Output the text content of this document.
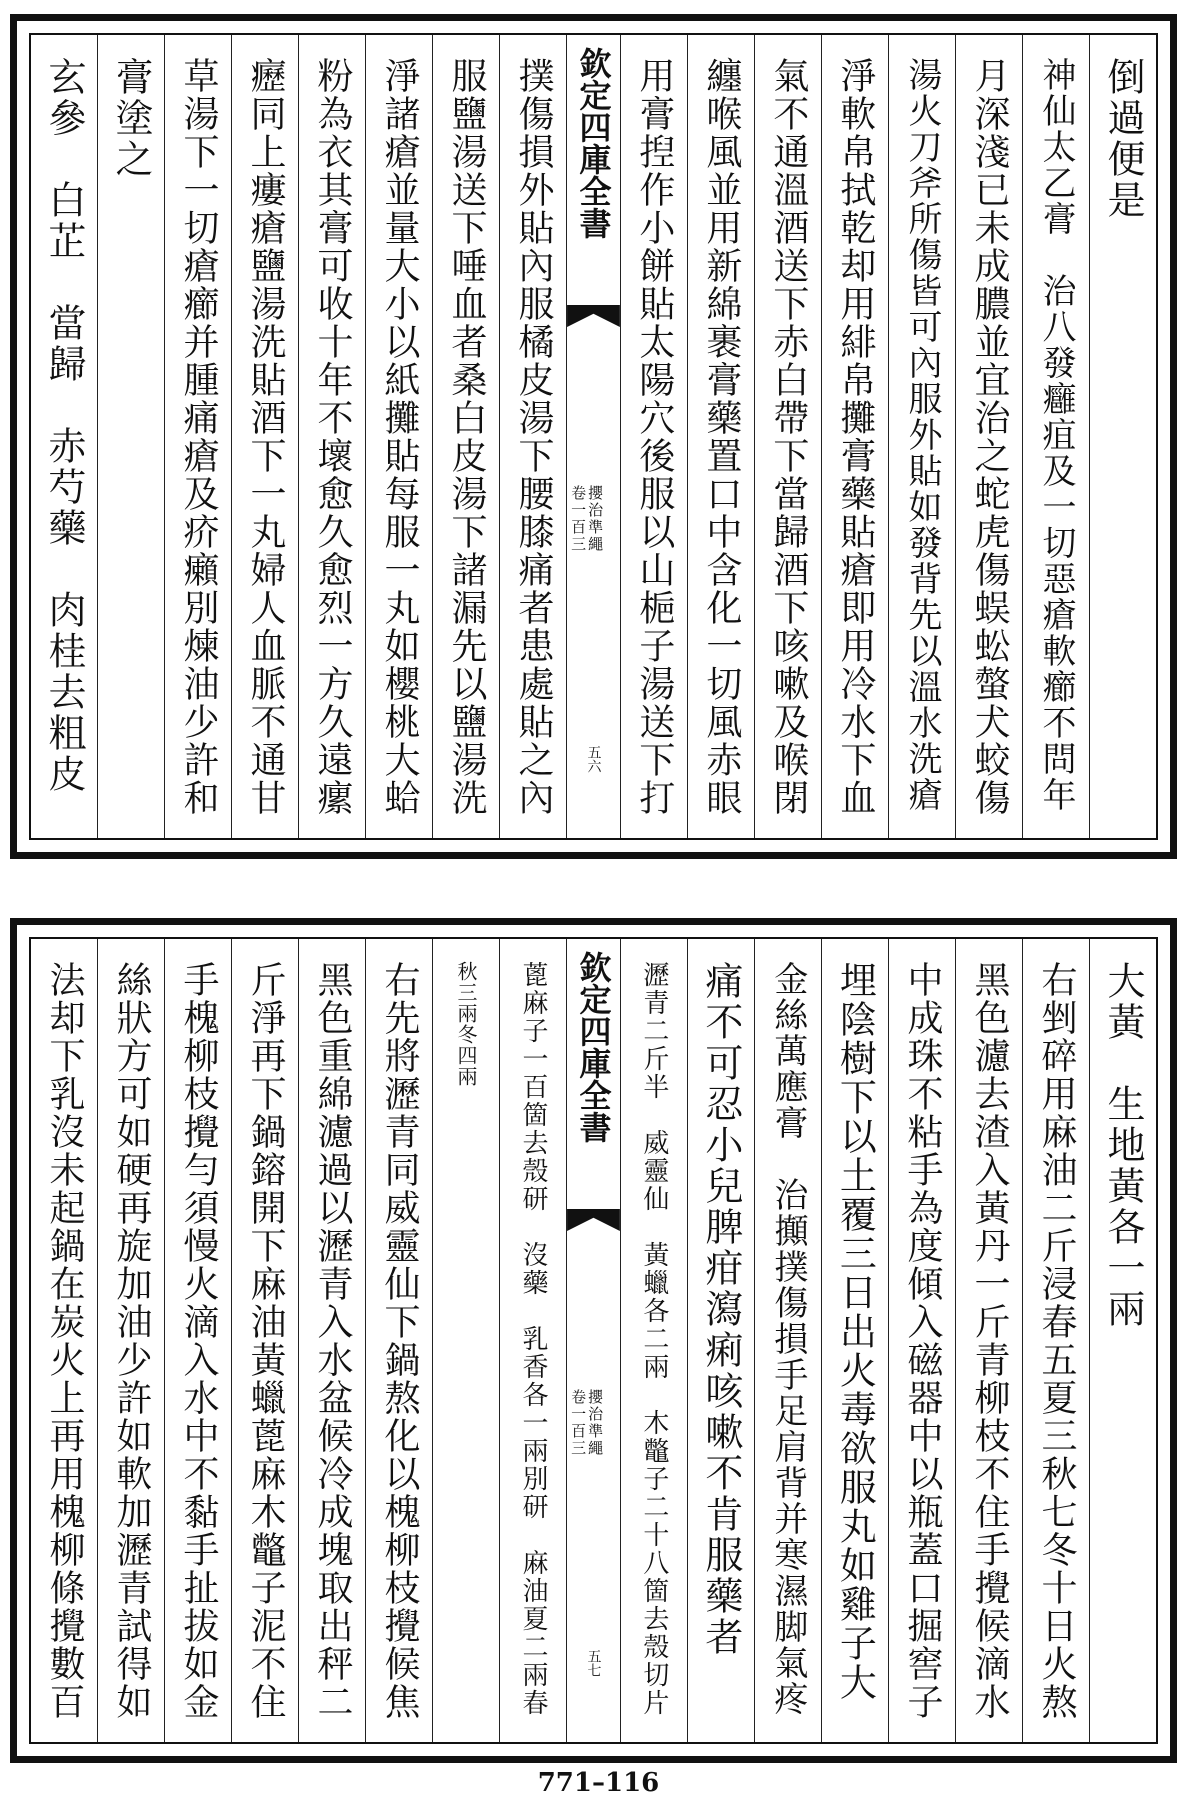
倒過便是
神仙太乙膏　治八發癰疽及一切惡瘡軟癤不問年
月深淺已未成膿並宜治之蛇虎傷蜈蚣螫犬蛟傷
湯火刀斧所傷皆可內服外貼如發背先以溫水洗瘡
淨軟帛拭乾却用緋帛攤膏藥貼瘡即用冷水下血
氣不通溫酒送下赤白帶下當歸酒下咳嗽及喉閉
纏喉風並用新綿裹膏藥置口中含化一切風赤眼
用膏揑作小餅貼太陽穴後服以山梔子湯送下打
欽定四庫全書
攖治準繩
卷一百三
五六
撲傷損外貼內服橘皮湯下腰膝痛者患處貼之內
服鹽湯送下唾血者桑白皮湯下諸漏先以鹽湯洗
淨諸瘡並量大小以紙攤貼每服一丸如櫻桃大蛤
粉為衣其膏可收十年不壞愈久愈烈一方久遠瘰
癧同上瘻瘡鹽湯洗貼酒下一丸婦人血脈不通甘
草湯下一切瘡癤并腫痛瘡及疥癩別煉油少許和
膏塗之
玄參　白芷　當歸　赤芍藥　肉桂去粗皮
大黃　生地黃各一兩
右剉碎用麻油二斤浸春五夏三秋七冬十日火熬
黑色濾去渣入黃丹一斤青柳枝不住手攪候滴水
中成珠不粘手為度傾入磁器中以瓶蓋口掘窖子
埋陰樹下以土覆三日出火毒欲服丸如雞子大
金絲萬應膏　治攧撲傷損手足肩背并寒濕脚氣疼
痛不可忍小兒脾疳瀉痢咳嗽不肯服藥者
瀝青二斤半　威靈仙　黃蠟各二兩　木鼈子二十八箇去殼切片
欽定四庫全書
攖治準繩
卷一百三
五七
蓖麻子一百箇去殼研　沒藥　乳香各一兩別研　麻油夏二兩春
秋三兩冬四兩
右先將瀝青同威靈仙下鍋熬化以槐柳枝攪候焦
黑色重綿濾過以瀝青入水盆候冷成塊取出秤二
斤淨再下鍋鎔開下麻油黃蠟蓖麻木鼈子泥不住
手槐柳枝攪勻須慢火滴入水中不黏手扯拔如金
絲狀方可如硬再旋加油少許如軟加瀝青試得如
法却下乳沒未起鍋在炭火上再用槐柳條攪數百
771–116
